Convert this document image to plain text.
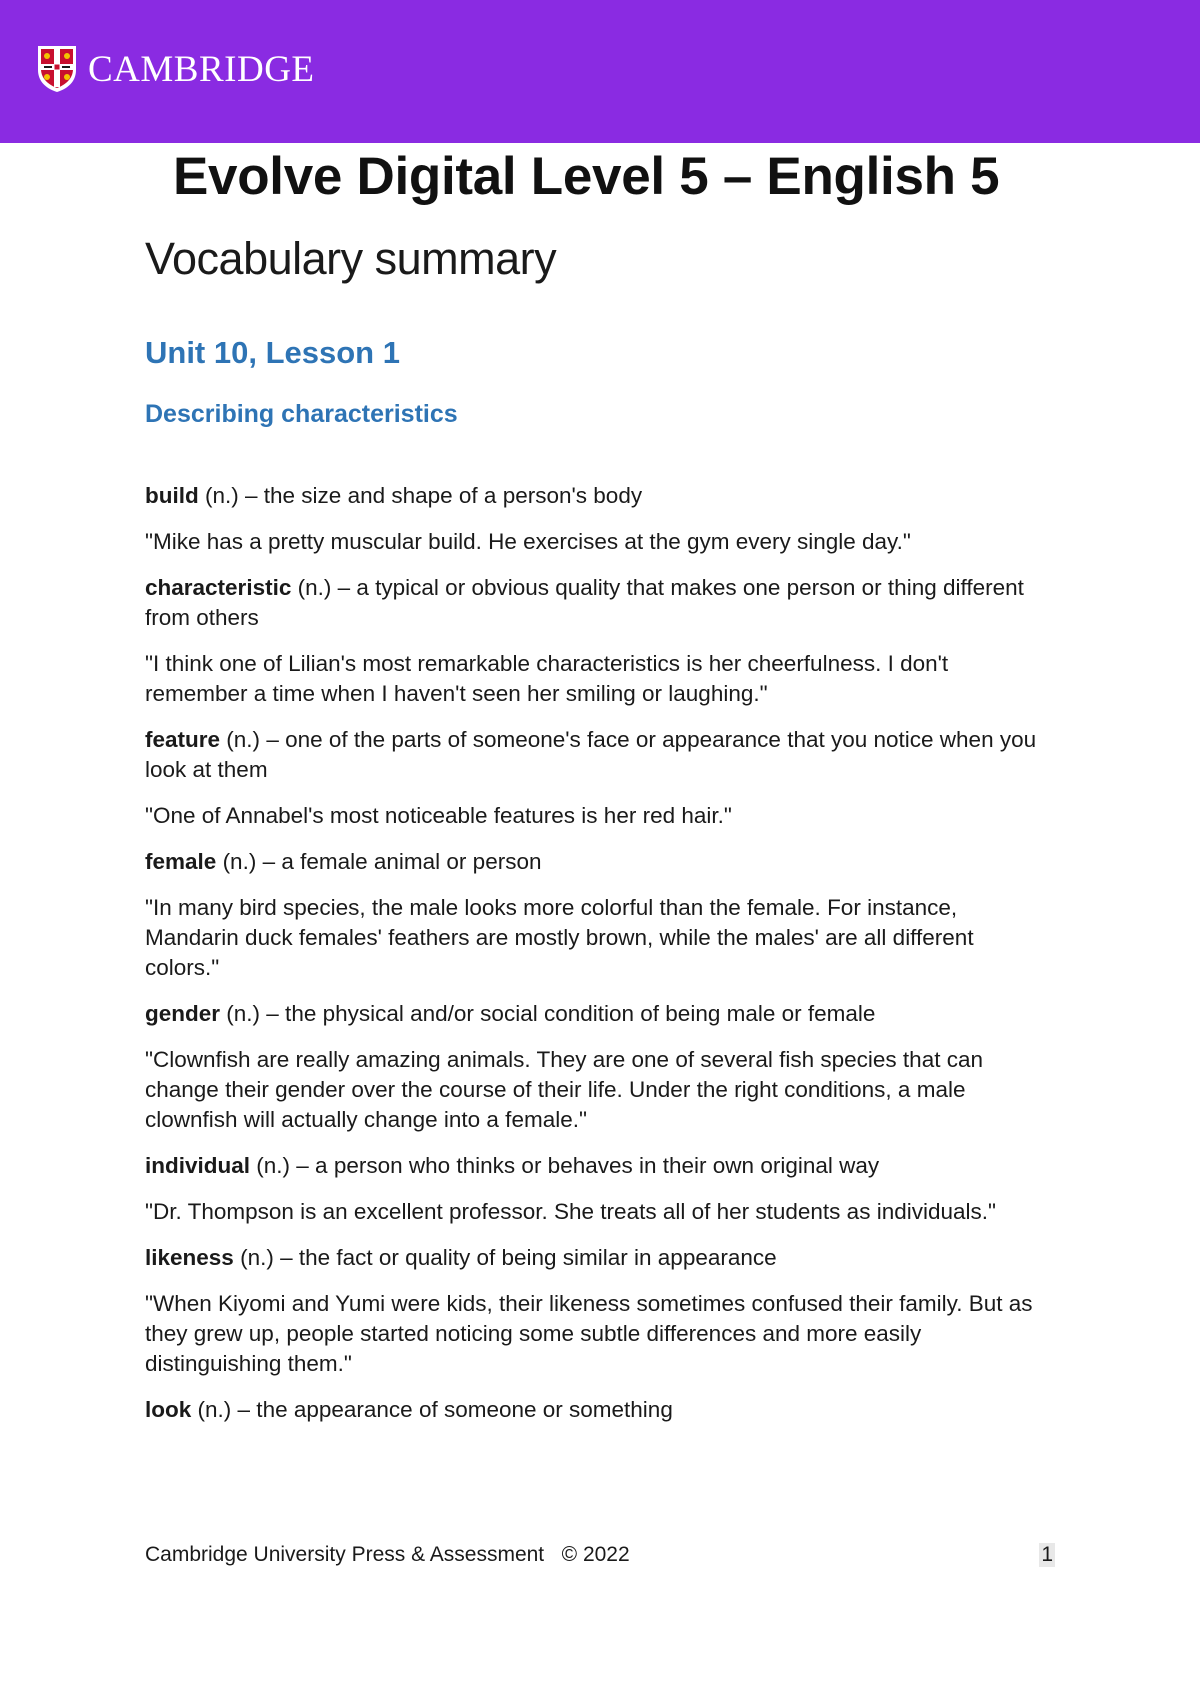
CAMBRIDGE
Evolve Digital Level 5 – English 5
Vocabulary summary
Unit 10, Lesson 1
Describing characteristics

build (n.) – the size and shape of a person's body

"Mike has a pretty muscular build. He exercises at the gym every single day."

characteristic (n.) – a typical or obvious quality that makes one person or thing different from others

"I think one of Lilian's most remarkable characteristics is her cheerfulness. I don't remember a time when I haven't seen her smiling or laughing."

feature (n.) – one of the parts of someone's face or appearance that you notice when you look at them

"One of Annabel's most noticeable features is her red hair."

female (n.) – a female animal or person

"In many bird species, the male looks more colorful than the female. For instance, Mandarin duck females' feathers are mostly brown, while the males' are all different colors."

gender (n.) – the physical and/or social condition of being male or female

"Clownfish are really amazing animals. They are one of several fish species that can change their gender over the course of their life. Under the right conditions, a male clownfish will actually change into a female."

individual (n.) – a person who thinks or behaves in their own original way

"Dr. Thompson is an excellent professor. She treats all of her students as individuals."

likeness (n.) – the fact or quality of being similar in appearance

"When Kiyomi and Yumi were kids, their likeness sometimes confused their family. But as they grew up, people started noticing some subtle differences and more easily distinguishing them."

look (n.) – the appearance of someone or something

Cambridge University Press & Assessment   © 2022	1
